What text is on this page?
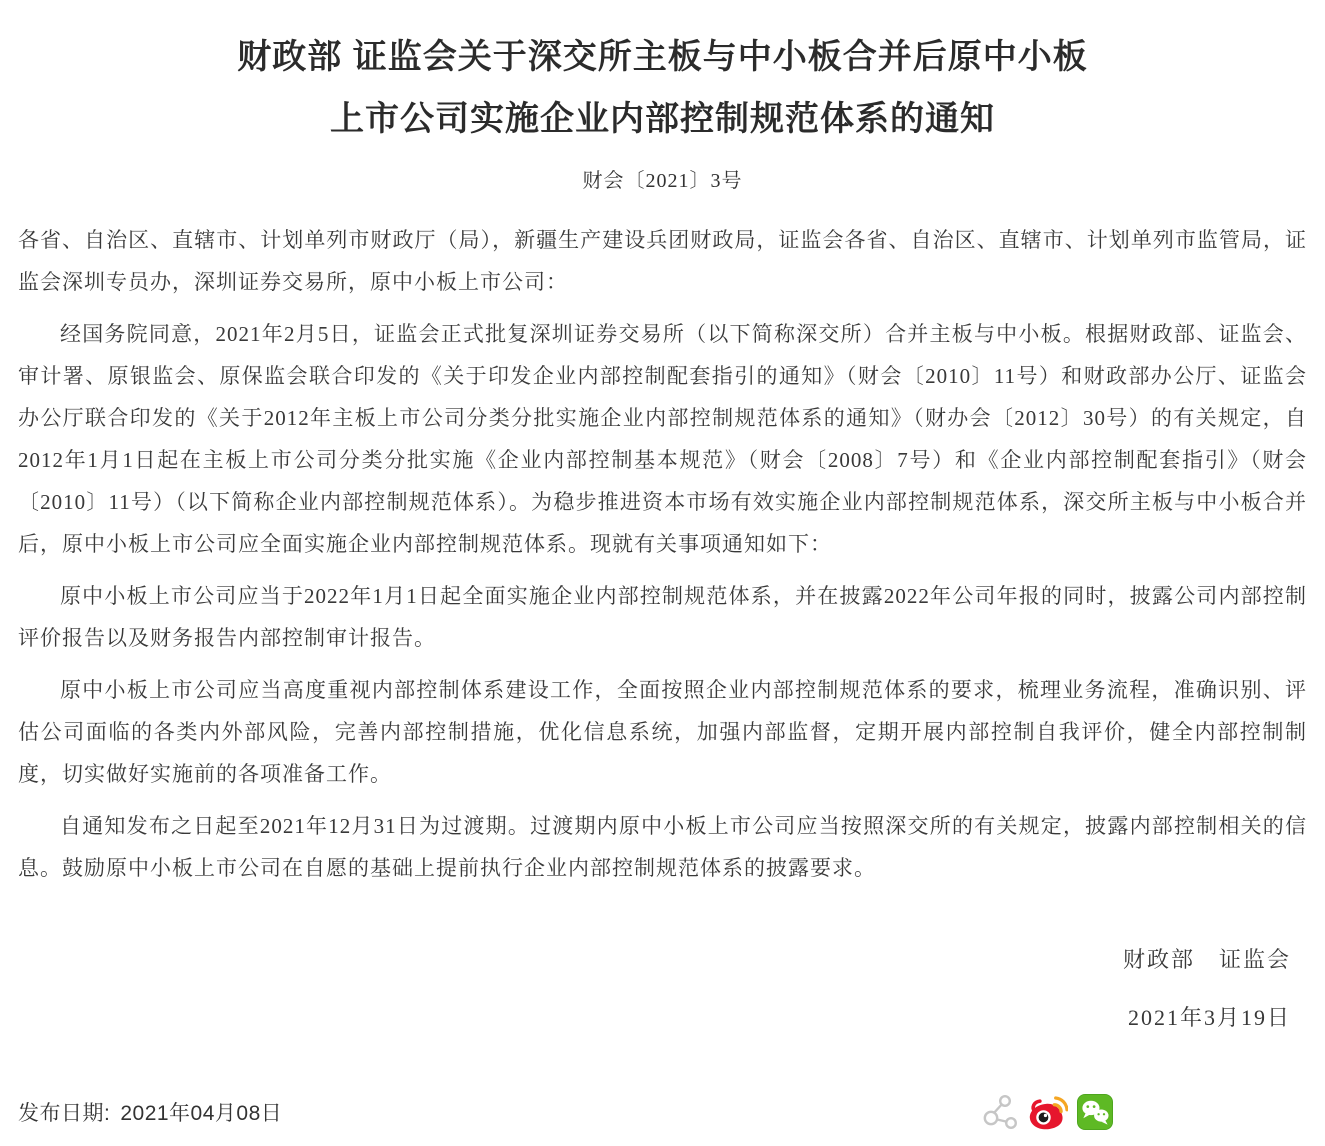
财政部 证监会关于深交所主板与中小板合并后原中小板
上市公司实施企业内部控制规范体系的通知
财会〔2021〕3号

各省、自治区、直辖市、计划单列市财政厅（局），新疆生产建设兵团财政局，证监会各省、自治区、直辖市、计划单列市监管局，证监会深圳专员办，深圳证券交易所，原中小板上市公司：

经国务院同意，2021年2月5日，证监会正式批复深圳证券交易所（以下简称深交所）合并主板与中小板。根据财政部、证监会、审计署、原银监会、原保监会联合印发的《关于印发企业内部控制配套指引的通知》（财会〔2010〕11号）和财政部办公厅、证监会办公厅联合印发的《关于2012年主板上市公司分类分批实施企业内部控制规范体系的通知》（财办会〔2012〕30号）的有关规定，自2012年1月1日起在主板上市公司分类分批实施《企业内部控制基本规范》（财会〔2008〕7号）和《企业内部控制配套指引》（财会〔2010〕11号）（以下简称企业内部控制规范体系）。为稳步推进资本市场有效实施企业内部控制规范体系，深交所主板与中小板合并后，原中小板上市公司应全面实施企业内部控制规范体系。现就有关事项通知如下：

原中小板上市公司应当于2022年1月1日起全面实施企业内部控制规范体系，并在披露2022年公司年报的同时，披露公司内部控制评价报告以及财务报告内部控制审计报告。

原中小板上市公司应当高度重视内部控制体系建设工作，全面按照企业内部控制规范体系的要求，梳理业务流程，准确识别、评估公司面临的各类内外部风险，完善内部控制措施，优化信息系统，加强内部监督，定期开展内部控制自我评价，健全内部控制制度，切实做好实施前的各项准备工作。

自通知发布之日起至2021年12月31日为过渡期。过渡期内原中小板上市公司应当按照深交所的有关规定，披露内部控制相关的信息。鼓励原中小板上市公司在自愿的基础上提前执行企业内部控制规范体系的披露要求。

财政部　证监会
2021年3月19日
发布日期: 2021年04月08日
